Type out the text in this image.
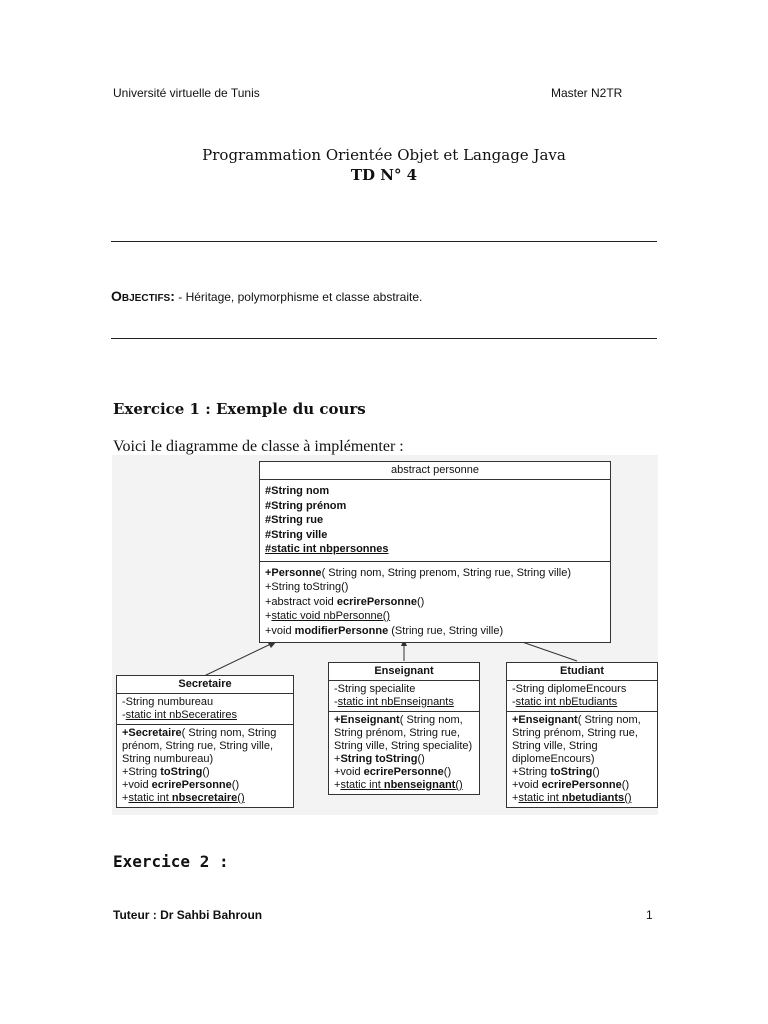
Université virtuelle de Tunis	Master N2TR
Programmation Orientée Objet et Langage Java
TD N° 4
Objectifs: - Héritage, polymorphisme et classe abstraite.
Exercice 1 : Exemple du cours
Voici le diagramme de classe à implémenter :
abstract personne
#String nom
#String prénom
#String rue
#String ville
#static int nbpersonnes
+Personne( String nom, String prenom, String rue, String ville)
+String toString()
+abstract void ecrirePersonne()
+static void nbPersonne()
+void modifierPersonne (String rue, String ville)
Secretaire
-String numbureau
-static int nbSeceratires
+Secretaire( String nom, String prénom, String rue, String ville, String numbureau)
+String toString()
+void ecrirePersonne()
+static int nbsecretaire()
Enseignant
-String specialite
-static int nbEnseignants
+Enseignant( String nom, String prénom, String rue, String ville, String specialite)
+String toString()
+void ecrirePersonne()
+static int nbenseignant()
Etudiant
-String diplomeEncours
-static int nbEtudiants
+Enseignant( String nom, String prénom, String rue, String ville, String diplomeEncours)
+String toString()
+void ecrirePersonne()
+static int nbetudiants()
Exercice 2 :
Tuteur : Dr Sahbi Bahroun	1
